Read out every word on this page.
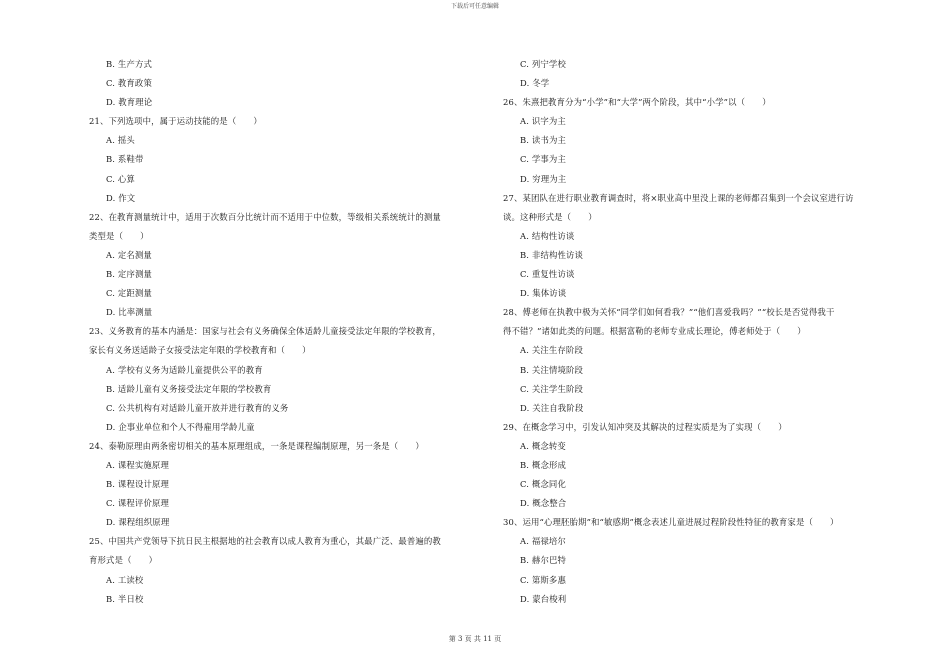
下载后可任意编辑
B. 生产方式
C. 教育政策
D. 教育理论
21、下列选项中，属于运动技能的是（　　）
A. 摇头
B. 系鞋带
C. 心算
D. 作文
22、在教育测量统计中，适用于次数百分比统计而不适用于中位数，等级相关系统统计的测量
类型是（　　）
A. 定名测量
B. 定序测量
C. 定距测量
D. 比率测量
23、义务教育的基本内涵是：国家与社会有义务确保全体适龄儿童接受法定年限的学校教育，
家长有义务送适龄子女接受法定年限的学校教育和（　　）
A. 学校有义务为适龄儿童提供公平的教育
B. 适龄儿童有义务接受法定年限的学校教育
C. 公共机构有对适龄儿童开放并进行教育的义务
D. 企事业单位和个人不得雇用学龄儿童
24、泰勒原理由两条密切相关的基本原理组成，一条是课程编制原理，另一条是（　　）
A. 课程实施原理
B. 课程设计原理
C. 课程评价原理
D. 课程组织原理
25、中国共产党领导下抗日民主根据地的社会教育以成人教育为重心，其最广泛、最普遍的教
育形式是（　　）
A. 工读校
B. 半日校
C. 列宁学校
D. 冬学
26、朱熹把教育分为“小学”和“大学”两个阶段，其中“小学”以（　　）
A. 识字为主
B. 读书为主
C. 学事为主
D. 穷理为主
27、某团队在进行职业教育调查时，将×职业高中里没上课的老师都召集到一个会议室进行访
谈。这种形式是（　　）
A. 结构性访谈
B. 非结构性访谈
C. 重复性访谈
D. 集体访谈
28、傅老师在执教中极为关怀“同学们如何看我？”“他们喜爱我吗？”“校长是否觉得我干
得不错？”诸如此类的问题。根据富勒的老师专业成长理论，傅老师处于（　　）
A. 关注生存阶段
B. 关注情境阶段
C. 关注学生阶段
D. 关注自我阶段
29、在概念学习中，引发认知冲突及其解决的过程实质是为了实现（　　）
A. 概念转变
B. 概念形成
C. 概念同化
D. 概念整合
30、运用“心理胚胎期”和“敏感期”概念表述儿童进展过程阶段性特征的教育家是（　　）
A. 福禄培尔
B. 赫尔巴特
C. 第斯多惠
D. 蒙台梭利
第 3 页 共 11 页
